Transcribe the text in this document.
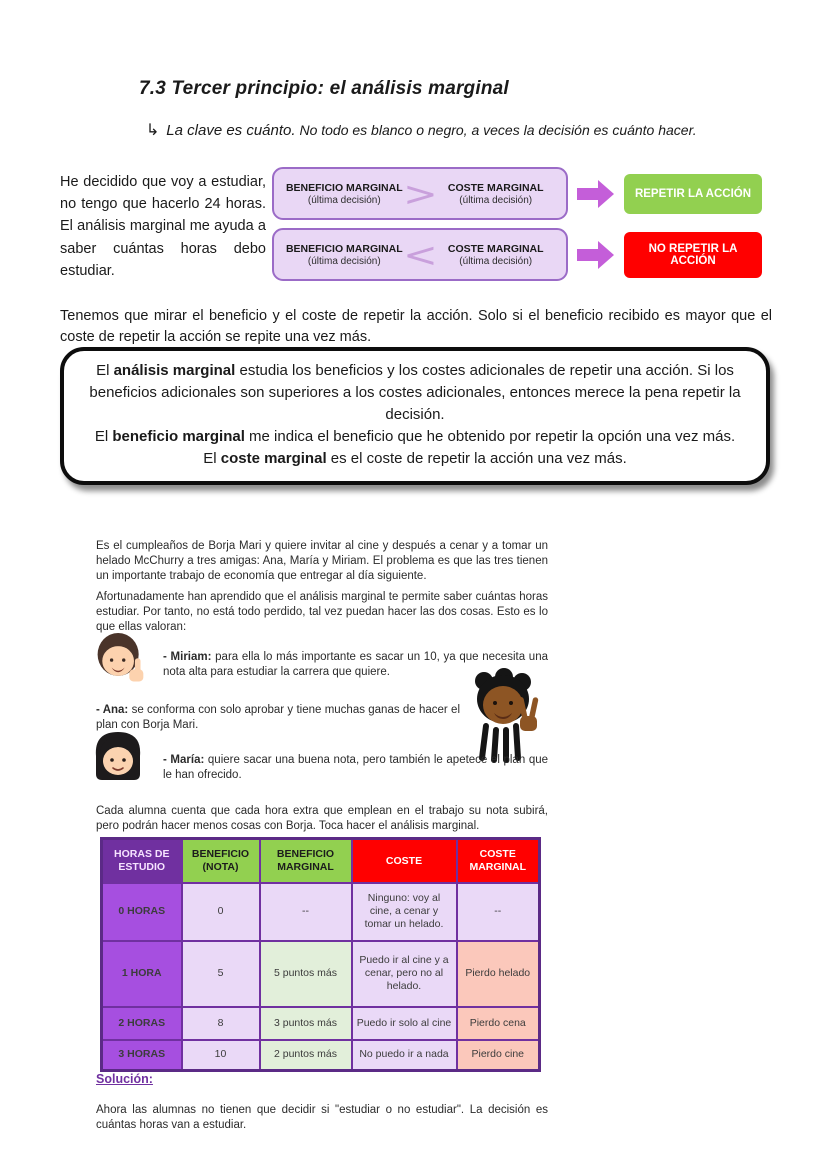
7.3 Tercer principio: el análisis marginal
↳ La clave es cuánto. No todo es blanco o negro, a veces la decisión es cuánto hacer.

He decidido que voy a estudiar, no tengo que hacerlo 24 horas. El análisis marginal me ayuda a saber cuántas horas debo estudiar.

BENEFICIO MARGINAL
(última decisión) > COSTE MARGINAL
(última decisión)
REPETIR LA ACCIÓN
BENEFICIO MARGINAL
(última decisión) < COSTE MARGINAL
(última decisión)
NO REPETIR LA ACCIÓN

Tenemos que mirar el beneficio y el coste de repetir la acción. Solo si el beneficio recibido es mayor que el coste de repetir la acción se repite una vez más.

El análisis marginal estudia los beneficios y los costes adicionales de repetir una acción. Si los beneficios adicionales son superiores a los costes adicionales, entonces merece la pena repetir la decisión.

El beneficio marginal me indica el beneficio que he obtenido por repetir la opción una vez más.

El coste marginal es el coste de repetir la acción una vez más.

Es el cumpleaños de Borja Mari y quiere invitar al cine y después a cenar y a tomar un helado McChurry a tres amigas: Ana, María y Miriam. El problema es que las tres tienen un importante trabajo de economía que entregar al día siguiente.

Afortunadamente han aprendido que el análisis marginal te permite saber cuántas horas estudiar. Por tanto, no está todo perdido, tal vez puedan hacer las dos cosas. Esto es lo que ellas valoran:

- Miriam: para ella lo más importante es sacar un 10, ya que necesita una nota alta para estudiar la carrera que quiere.

- Ana: se conforma con solo aprobar y tiene muchas ganas de hacer el plan con Borja Mari.

- María: quiere sacar una buena nota, pero también le apetece el plan que le han ofrecido.

Cada alumna cuenta que cada hora extra que emplean en el trabajo su nota subirá, pero podrán hacer menos cosas con Borja. Toca hacer el análisis marginal.

HORAS DE ESTUDIO	BENEFICIO (NOTA)	BENEFICIO MARGINAL	COSTE	COSTE MARGINAL
0 HORAS	0	--	Ninguno: voy al cine, a cenar y tomar un helado.	--
1 HORA	5	5 puntos más	Puedo ir al cine y a cenar, pero no al helado.	Pierdo helado
2 HORAS	8	3 puntos más	Puedo ir solo al cine	Pierdo cena
3 HORAS	10	2 puntos más	No puedo ir a nada	Pierdo cine
Solución:

Ahora las alumnas no tienen que decidir si "estudiar o no estudiar". La decisión es cuántas horas van a estudiar.
